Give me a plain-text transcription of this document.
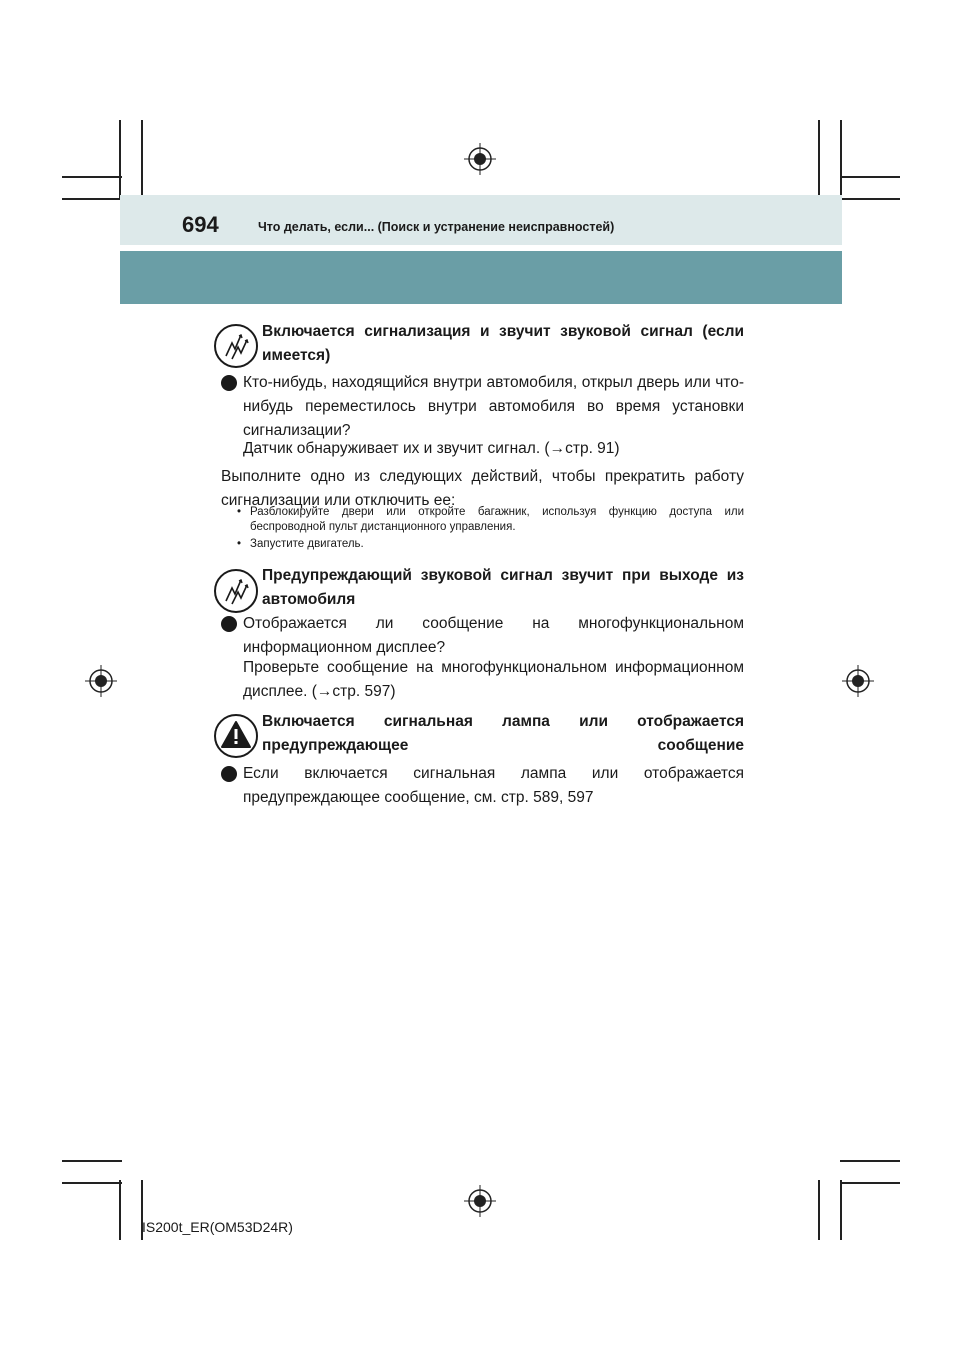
694	Что делать, если... (Поиск и устранение неисправностей)
Включается сигнализация и звучит звуковой сигнал (если имеется)
Кто-нибудь, находящийся внутри автомобиля, открыл дверь или что-нибудь переместилось внутри автомобиля во время установки сигнализации?
Датчик обнаруживает их и звучит сигнал. (→стр. 91)
Выполните одно из следующих действий, чтобы прекратить работу сигнализации или отключить ее:
• Разблокируйте двери или откройте багажник, используя функцию доступа или беспроводной пульт дистанционного управления.
• Запустите двигатель.
Предупреждающий звуковой сигнал звучит при выходе из автомобиля
Отображается ли сообщение на многофункциональном информационном дисплее?
Проверьте сообщение на многофункциональном информационном дисплее. (→стр. 597)
Включается сигнальная лампа или отображается предупреждающее сообщение
Если включается сигнальная лампа или отображается предупреждающее сообщение, см. стр. 589, 597
IS200t_ER(OM53D24R)
